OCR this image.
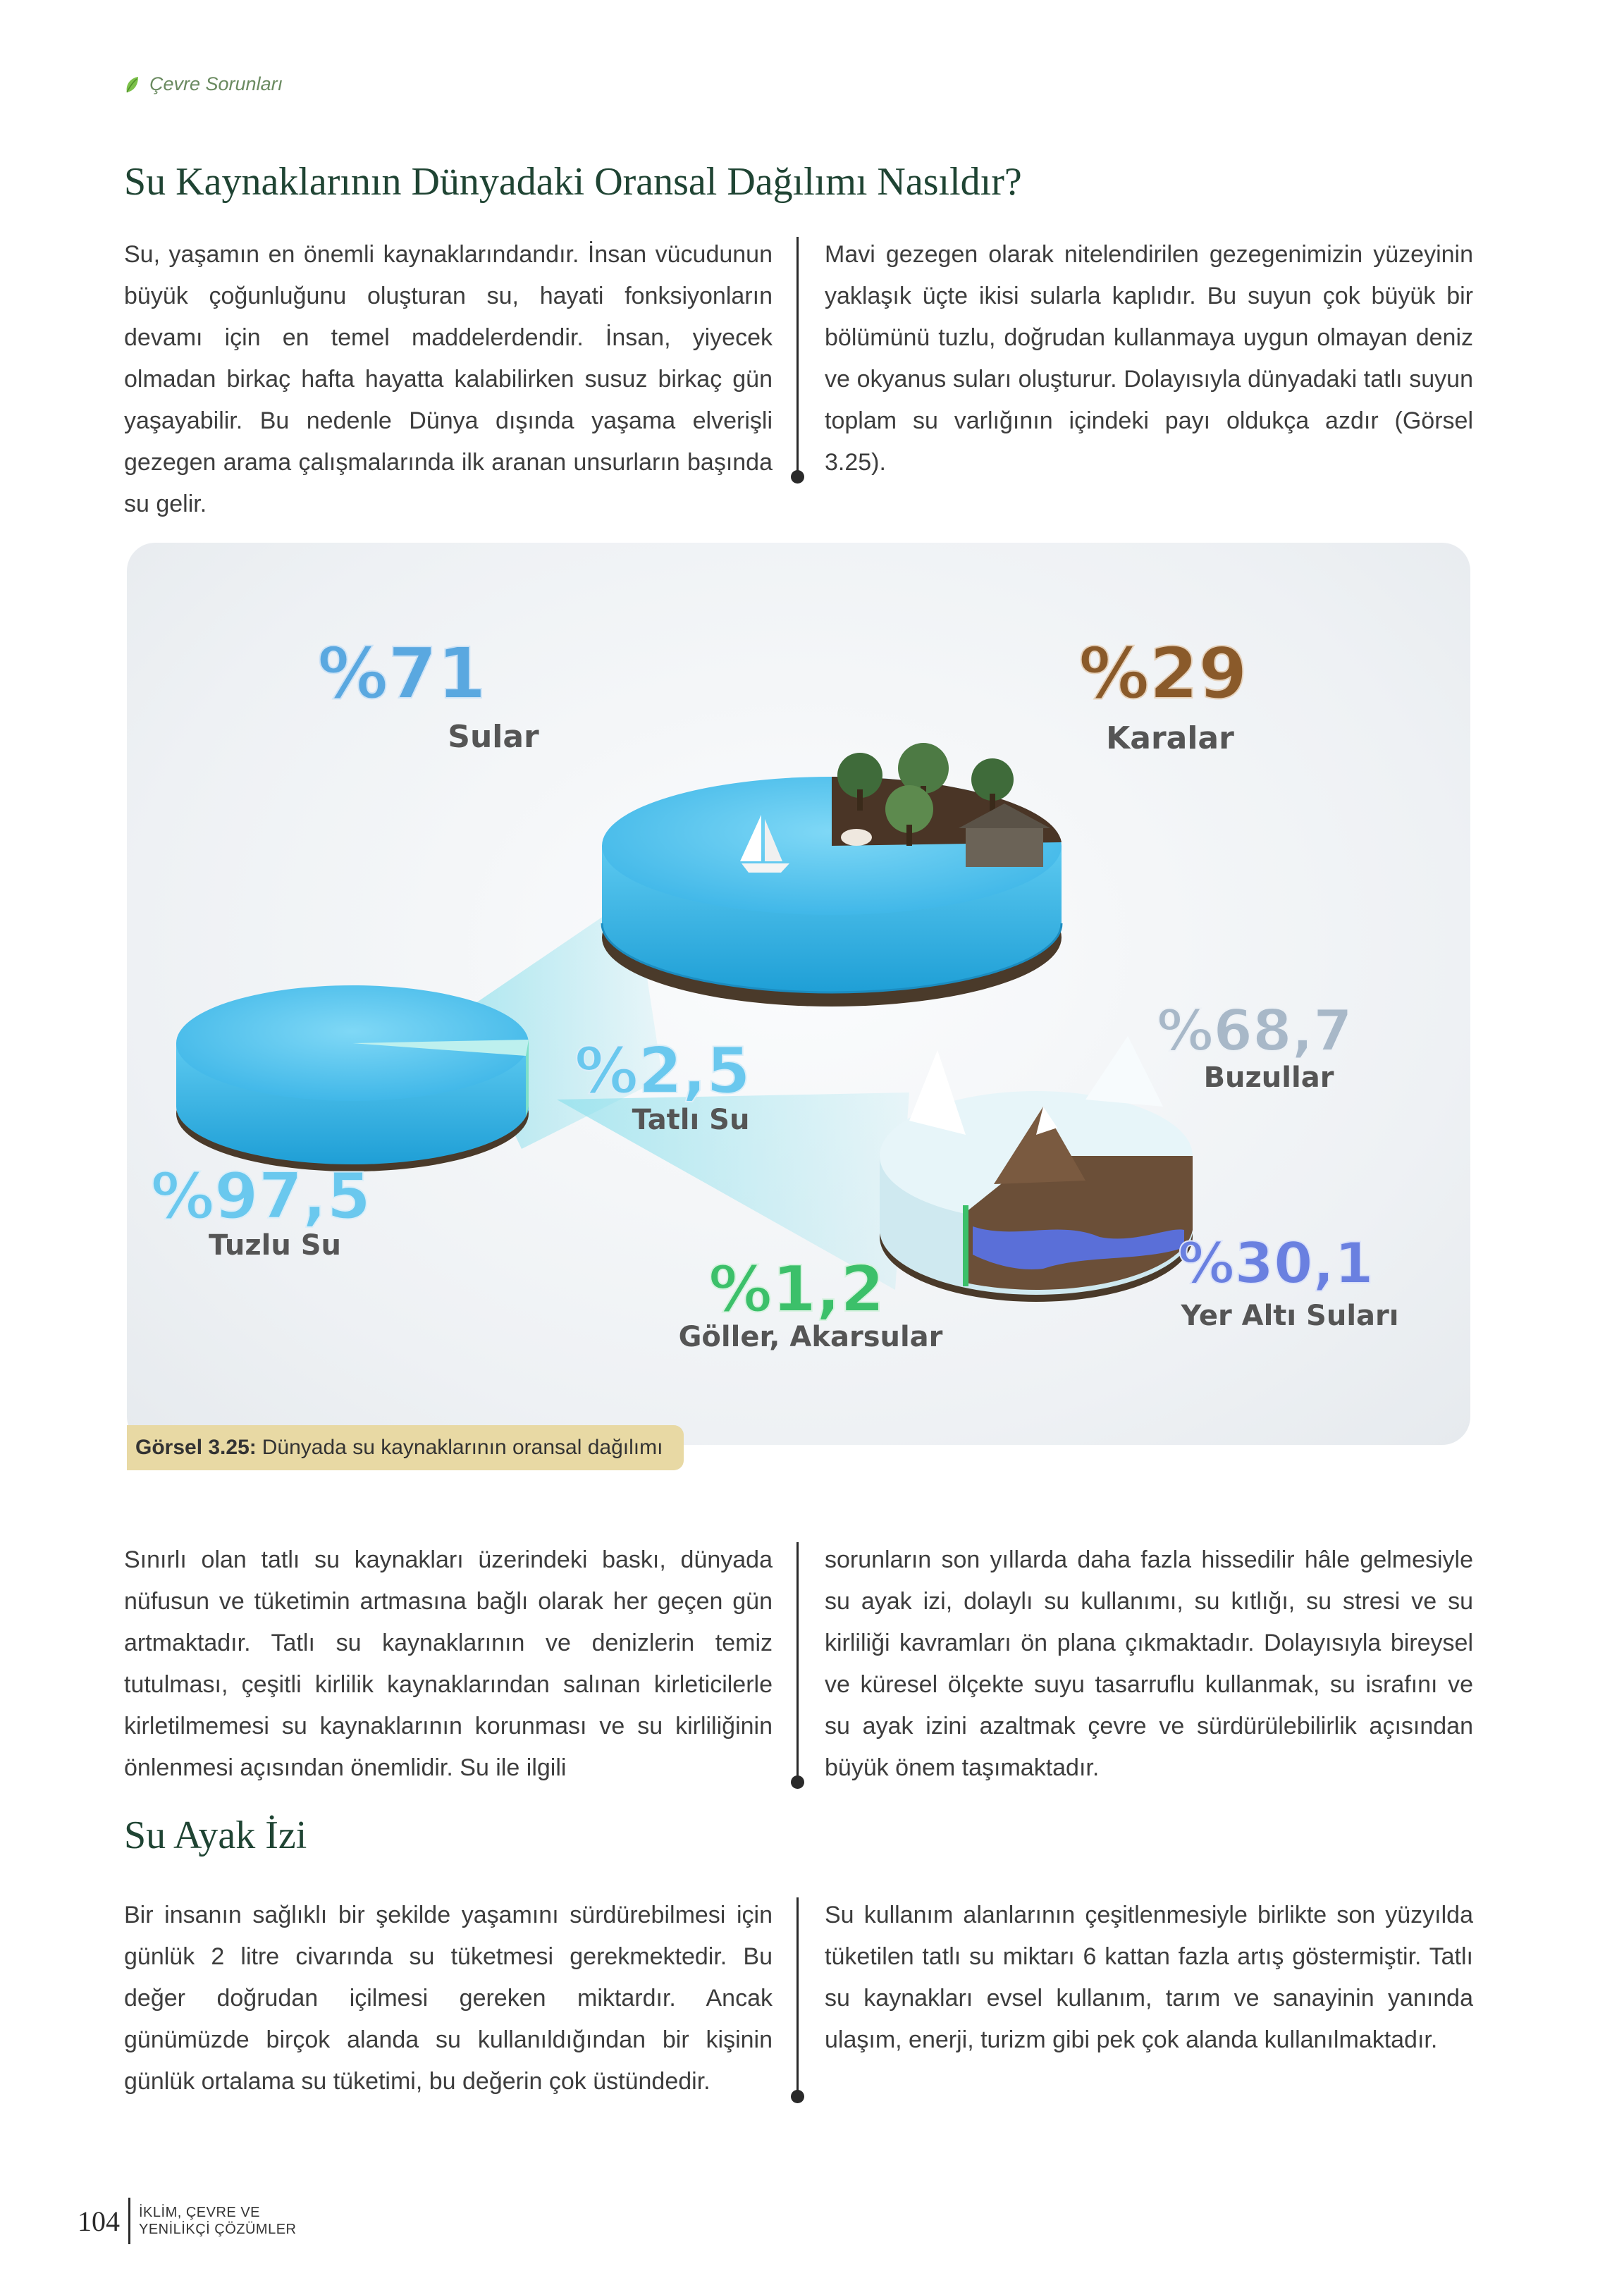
Çevre Sorunları
Su Kaynaklarının Dünyadaki Oransal Dağılımı Nasıldır?
Su, yaşamın en önemli kaynaklarındandır. İnsan vücudunun büyük çoğunluğunu oluşturan su, hayati fonksiyonların devamı için en temel maddelerdendir. İnsan, yiyecek olmadan birkaç hafta hayatta kalabilirken susuz birkaç gün yaşayabilir. Bu nedenle Dünya dışında yaşama elverişli gezegen arama çalışmalarında ilk aranan unsurların başında su gelir.
Mavi gezegen olarak nitelendirilen gezegenimizin yüzeyinin yaklaşık üçte ikisi sularla kaplıdır. Bu suyun çok büyük bir bölümünü tuzlu, doğrudan kullanmaya uygun olmayan deniz ve okyanus suları oluşturur. Dolayısıyla dünyadaki tatlı suyun toplam su varlığının içindeki payı oldukça azdır (Görsel 3.25).
%71
Sular
%29
Karalar
%2,5
Tatlı Su
%97,5
Tuzlu Su
%68,7
Buzullar
%30,1
Yer Altı Suları
%1,2
Göller, Akarsular
Görsel 3.25: Dünyada su kaynaklarının oransal dağılımı
Sınırlı olan tatlı su kaynakları üzerindeki baskı, dünyada nüfusun ve tüketimin artmasına bağlı olarak her geçen gün artmaktadır. Tatlı su kaynaklarının ve denizlerin temiz tutulması, çeşitli kirlilik kaynaklarından salınan kirleticilerle kirletilmemesi su kaynaklarının korunması ve su kirliliğinin önlenmesi açısından önemlidir. Su ile ilgili
sorunların son yıllarda daha fazla hissedilir hâle gelmesiyle su ayak izi, dolaylı su kullanımı, su kıtlığı, su stresi ve su kirliliği kavramları ön plana çıkmaktadır. Dolayısıyla bireysel ve küresel ölçekte suyu tasarruflu kullanmak, su israfını ve su ayak izini azaltmak çevre ve sürdürülebilirlik açısından büyük önem taşımaktadır.
Su Ayak İzi
Bir insanın sağlıklı bir şekilde yaşamını sürdürebilmesi için günlük 2 litre civarında su tüketmesi gerekmektedir. Bu değer doğrudan içilmesi gereken miktardır. Ancak günümüzde birçok alanda su kullanıldığından bir kişinin günlük ortalama su tüketimi, bu değerin çok üstündedir.
Su kullanım alanlarının çeşitlenmesiyle birlikte son yüzyılda tüketilen tatlı su miktarı 6 kattan fazla artış göstermiştir. Tatlı su kaynakları evsel kullanım, tarım ve sanayinin yanında ulaşım, enerji, turizm gibi pek çok alanda kullanılmaktadır.
104 İKLİM, ÇEVRE VE
YENİLİKÇİ ÇÖZÜMLER
